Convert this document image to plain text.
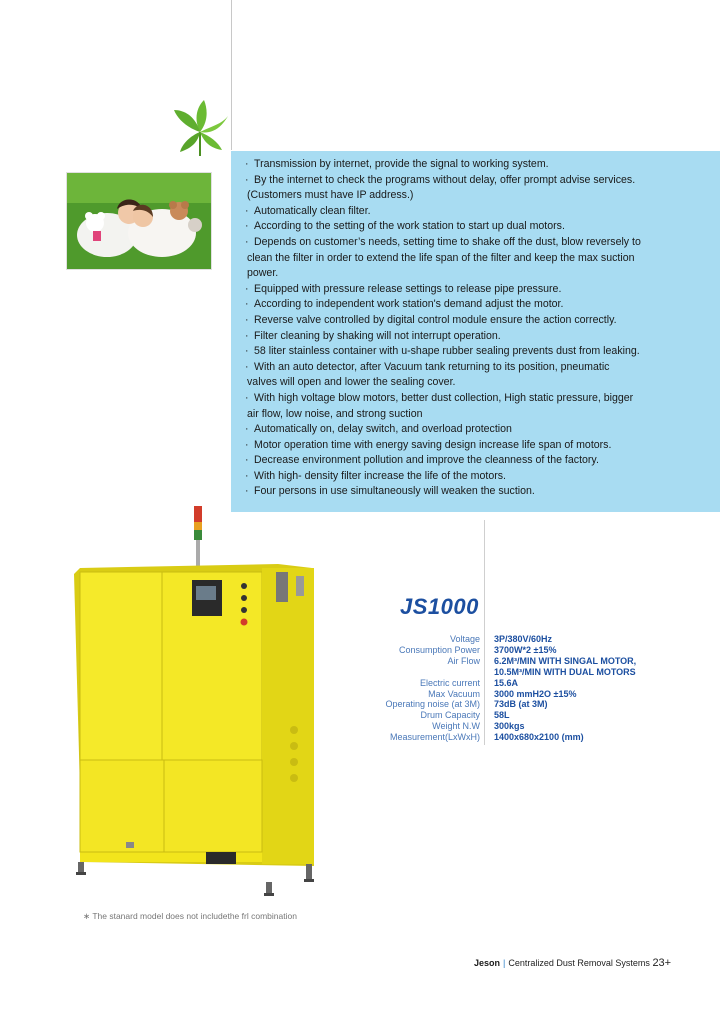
· Transmission by internet, provide the signal to working system.
· By the internet to check the programs without delay, offer prompt advise services.
(Customers must have IP address.)
· Automatically clean filter.
· According to the setting of the work station to start up dual motors.
· Depends on customer’s needs, setting time to shake off the dust, blow reversely to
clean the filter in order to extend the life span of the filter and keep the max suction
power.
· Equipped with pressure release settings to release pipe pressure.
· According to independent work station's demand adjust the motor.
· Reverse valve controlled by digital control module ensure the action correctly.
· Filter cleaning by shaking will not interrupt operation.
· 58 liter stainless container with u-shape rubber sealing prevents dust from leaking.
· With an auto detector, after Vacuum tank returning to its position, pneumatic
valves will open and lower the sealing cover.
· With high voltage blow motors, better dust collection, High static pressure, bigger
air flow, low noise, and strong suction
· Automatically on, delay switch, and overload protection
· Motor operation time with energy saving design increase life span of motors.
· Decrease environment pollution and improve the cleanness of the factory.
· With high- density filter increase the life of the motors.
· Four persons in use simultaneously will weaken the suction.
JS1000
Voltage 3P/380V/60Hz
Consumption Power 3700W*2 ±15%
Air Flow 6.2M³/MIN WITH SINGAL MOTOR,
10.5M³/MIN WITH DUAL MOTORS
Electric current 15.6A
Max Vacuum 3000 mmH2O ±15%
Operating noise (at 3M) 73dB (at 3M)
Drum Capacity 58L
Weight N.W 300kgs
Measurement(LxWxH) 1400x680x2100 (mm)
∗ The stanard model does not includethe frl combination
Jeson | Centralized Dust Removal Systems 23+
